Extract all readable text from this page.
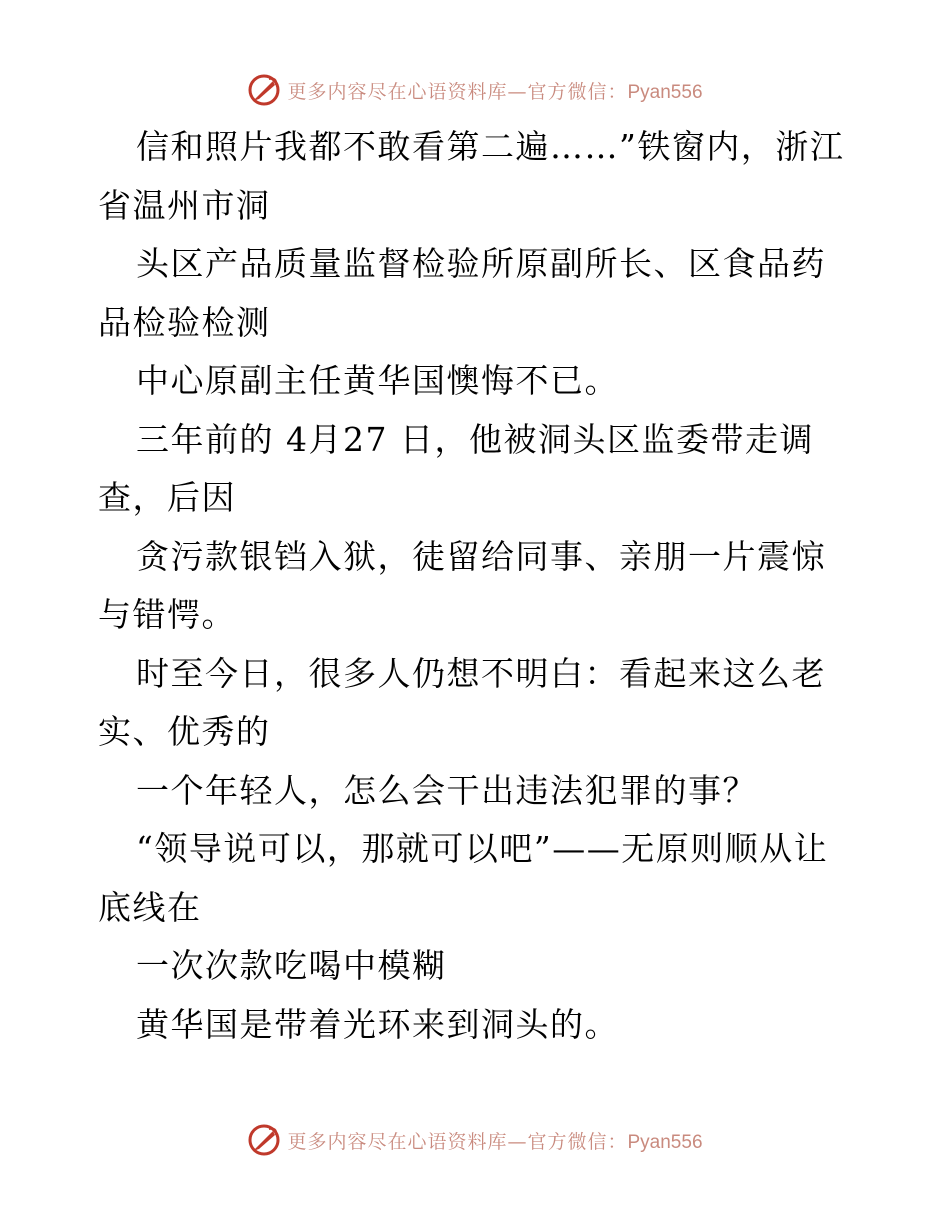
更多内容尽在心语资料库—官方微信：Pyan556

信和照片我都不敢看第二遍……”铁窗内，浙江省温州市洞

头区产品质量监督检验所原副所长、区食品药品检验检测

中心原副主任黄华国懊悔不已。

三年前的 4月27 日，他被洞头区监委带走调查，后因

贪污款银铛入狱，徒留给同事、亲朋一片震惊与错愕。

时至今日，很多人仍想不明白：看起来这么老实、优秀的

一个年轻人，怎么会干出违法犯罪的事？

“领导说可以，那就可以吧”——无原则顺从让底线在

一次次款吃喝中模糊

黄华国是带着光环来到洞头的。

更多内容尽在心语资料库—官方微信：Pyan556
